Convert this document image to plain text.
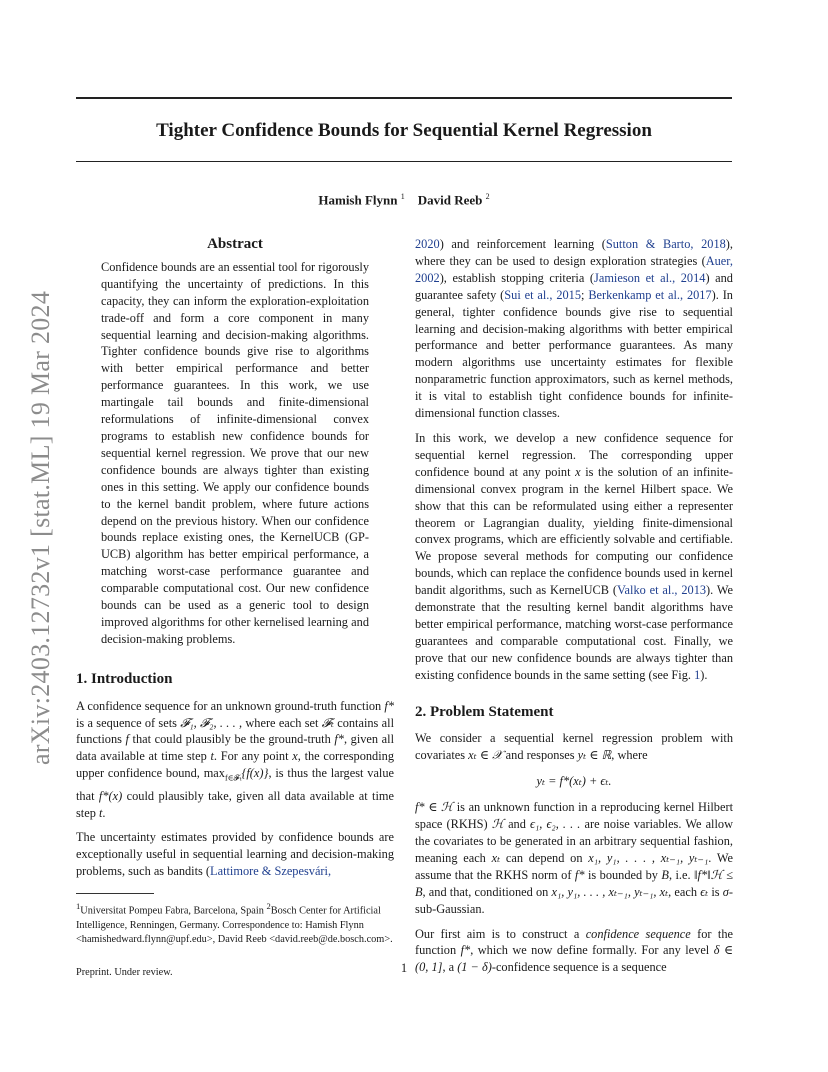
Tighter Confidence Bounds for Sequential Kernel Regression
Hamish Flynn $^1$ David Reeb $^2$
arXiv:2403.12732v1 [stat.ML] 19 Mar 2024
Abstract

Confidence bounds are an essential tool for rigorously quantifying the uncertainty of predictions. In this capacity, they can inform the exploration-exploitation trade-off and form a core component in many sequential learning and decision-making algorithms. Tighter confidence bounds give rise to algorithms with better empirical performance and better performance guarantees. In this work, we use martingale tail bounds and finite-dimensional reformulations of infinite-dimensional convex programs to establish new confidence bounds for sequential kernel regression. We prove that our new confidence bounds are always tighter than existing ones in this setting. We apply our confidence bounds to the kernel bandit problem, where future actions depend on the previous history. When our confidence bounds replace existing ones, the KernelUCB (GP-UCB) algorithm has better empirical performance, a matching worst-case performance guarantee and comparable computational cost. Our new confidence bounds can be used as a generic tool to design improved algorithms for other kernelised learning and decision-making problems.

1. Introduction

A confidence sequence for an unknown ground-truth function f* is a sequence of sets 𝓕₁, 𝓕₂, . . . , where each set 𝓕ₜ contains all functions f that could plausibly be the ground-truth f*, given all data available at time step t. For any point x, the corresponding upper confidence bound, $\max_{f\in 𝓕_t}\{f(x)\}$, is thus the largest value that f*(x) could plausibly take, given all data available at time step t.

The uncertainty estimates provided by confidence bounds are exceptionally useful in sequential learning and decision-making problems, such as bandits (Lattimore & Szepesvári,

$^1$Universitat Pompeu Fabra, Barcelona, Spain $^2$Bosch Center for Artificial Intelligence, Renningen, Germany. Correspondence to: Hamish Flynn <hamishedward.flynn@upf.edu>, David Reeb <david.reeb@de.bosch.com>.

Preprint. Under review.

2020) and reinforcement learning (Sutton & Barto, 2018), where they can be used to design exploration strategies (Auer, 2002), establish stopping criteria (Jamieson et al., 2014) and guarantee safety (Sui et al., 2015; Berkenkamp et al., 2017). In general, tighter confidence bounds give rise to sequential learning and decision-making algorithms with better empirical performance and better performance guarantees. As many modern algorithms use uncertainty estimates for flexible nonparametric function approximators, such as kernel methods, it is vital to establish tight confidence bounds for infinite-dimensional function classes.

In this work, we develop a new confidence sequence for sequential kernel regression. The corresponding upper confidence bound at any point x is the solution of an infinite-dimensional convex program in the kernel Hilbert space. We show that this can be reformulated using either a representer theorem or Lagrangian duality, yielding finite-dimensional convex programs, which are efficiently solvable and certifiable. We propose several methods for computing our confidence bounds, which can replace the confidence bounds used in kernel bandit algorithms, such as KernelUCB (Valko et al., 2013). We demonstrate that the resulting kernel bandit algorithms have better empirical performance, matching worst-case performance guarantees and comparable computational cost. Finally, we prove that our new confidence bounds are always tighter than existing confidence bounds in the same setting (see Fig. 1).

2. Problem Statement

We consider a sequential kernel regression problem with covariates xₜ ∈ 𝒳 and responses yₜ ∈ ℝ, where

yₜ = f*(xₜ) + ϵₜ.

f* ∈ ℋ is an unknown function in a reproducing kernel Hilbert space (RKHS) ℋ and ϵ₁, ϵ₂, . . . are noise variables. We allow the covariates to be generated in an arbitrary sequential fashion, meaning each xₜ can depend on x₁, y₁, . . . , xₜ₋₁, yₜ₋₁. We assume that the RKHS norm of f* is bounded by B, i.e. ‖f*‖ℋ ≤ B, and that, conditioned on x₁, y₁, . . . , xₜ₋₁, yₜ₋₁, xₜ, each ϵₜ is σ-sub-Gaussian.

Our first aim is to construct a confidence sequence for the function f*, which we now define formally. For any level δ ∈ (0, 1], a (1 − δ)-confidence sequence is a sequence

1
